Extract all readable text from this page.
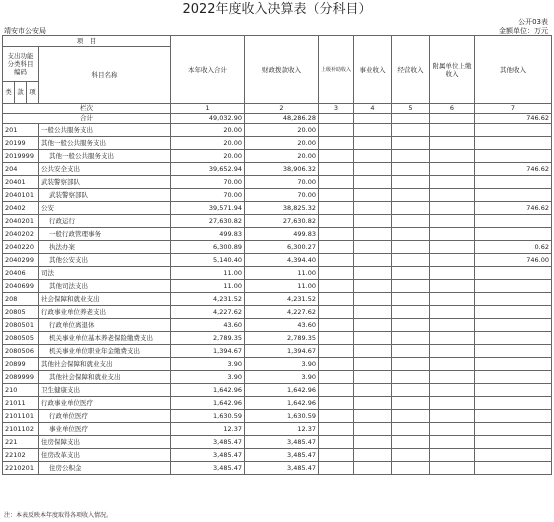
2022年度收入决算表（分科目）
公开03表
金额单位：万元
靖安市公安局
项　目				本年收入合计	财政拨款收入	上级补助收入	事业收入	经营收入	附属单位上缴收入	其他收入
支出功能分类科目编码			科目名称							
类	款	项								
栏次				1	2	3	4	5	6	7
合计				49,032.90	48,286.28					746.62
201			一般公共服务支出	20.00	20.00					
20199			其他一般公共服务支出	20.00	20.00					
2019999			其他一般公共服务支出	20.00	20.00					
204			公共安全支出	39,652.94	38,906.32					746.62
20401			武装警察部队	70.00	70.00					
2040101			武装警察部队	70.00	70.00					
20402			公安	39,571.94	38,825.32					746.62
2040201			行政运行	27,630.82	27,630.82					
2040202			一般行政管理事务	499.83	499.83					
2040220			执法办案	6,300.89	6,300.27					0.62
2040299			其他公安支出	5,140.40	4,394.40					746.00
20406			司法	11.00	11.00					
2040699			其他司法支出	11.00	11.00					
208			社会保障和就业支出	4,231.52	4,231.52					
20805			行政事业单位养老支出	4,227.62	4,227.62					
2080501			行政单位离退休	43.60	43.60					
2080505			机关事业单位基本养老保险缴费支出	2,789.35	2,789.35					
2080506			机关事业单位职业年金缴费支出	1,394.67	1,394.67					
20899			其他社会保障和就业支出	3.90	3.90					
2089999			其他社会保障和就业支出	3.90	3.90					
210			卫生健康支出	1,642.96	1,642.96					
21011			行政事业单位医疗	1,642.96	1,642.96					
2101101			行政单位医疗	1,630.59	1,630.59					
2101102			事业单位医疗	12.37	12.37					
221			住房保障支出	3,485.47	3,485.47					
22102			住房改革支出	3,485.47	3,485.47					
2210201			住房公积金	3,485.47	3,485.47					
注：本表反映本年度取得各项收入情况。
